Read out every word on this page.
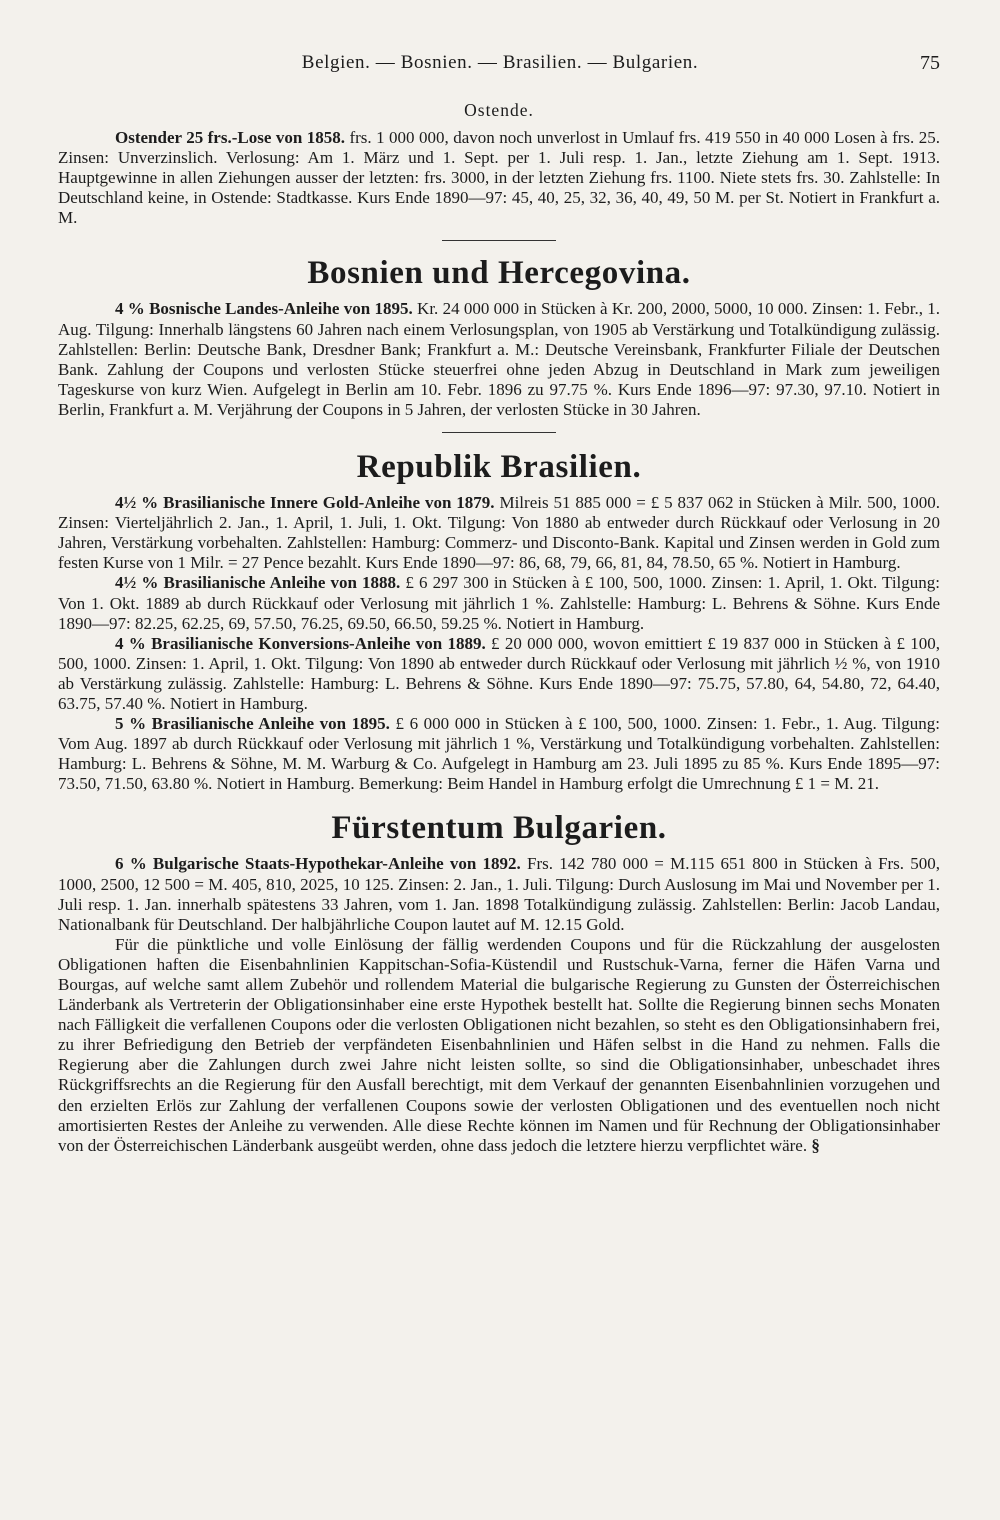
Belgien. — Bosnien. — Brasilien. — Bulgarien.	75
Ostende.

Ostender 25 frs.-Lose von 1858. frs. 1 000 000, davon noch unverlost in Umlauf frs. 419 550 in 40 000 Losen à frs. 25. Zinsen: Unverzinslich. Verlosung: Am 1. März und 1. Sept. per 1. Juli resp. 1. Jan., letzte Ziehung am 1. Sept. 1913. Hauptgewinne in allen Ziehungen ausser der letzten: frs. 3000, in der letzten Ziehung frs. 1100. Niete stets frs. 30. Zahlstelle: In Deutschland keine, in Ostende: Stadtkasse. Kurs Ende 1890—97: 45, 40, 25, 32, 36, 40, 49, 50 M. per St. Notiert in Frankfurt a. M.

Bosnien und Hercegovina.

4 % Bosnische Landes-Anleihe von 1895. Kr. 24 000 000 in Stücken à Kr. 200, 2000, 5000, 10 000. Zinsen: 1. Febr., 1. Aug. Tilgung: Innerhalb längstens 60 Jahren nach einem Verlosungsplan, von 1905 ab Verstärkung und Totalkündigung zulässig. Zahlstellen: Berlin: Deutsche Bank, Dresdner Bank; Frankfurt a. M.: Deutsche Vereinsbank, Frankfurter Filiale der Deutschen Bank. Zahlung der Coupons und verlosten Stücke steuerfrei ohne jeden Abzug in Deutschland in Mark zum jeweiligen Tageskurse von kurz Wien. Aufgelegt in Berlin am 10. Febr. 1896 zu 97.75 %. Kurs Ende 1896—97: 97.30, 97.10. Notiert in Berlin, Frankfurt a. M. Verjährung der Coupons in 5 Jahren, der verlosten Stücke in 30 Jahren.

Republik Brasilien.

4½ % Brasilianische Innere Gold-Anleihe von 1879. Milreis 51 885 000 = £ 5 837 062 in Stücken à Milr. 500, 1000. Zinsen: Vierteljährlich 2. Jan., 1. April, 1. Juli, 1. Okt. Tilgung: Von 1880 ab entweder durch Rückkauf oder Verlosung in 20 Jahren, Verstärkung vorbehalten. Zahlstellen: Hamburg: Commerz- und Disconto-Bank. Kapital und Zinsen werden in Gold zum festen Kurse von 1 Milr. = 27 Pence bezahlt. Kurs Ende 1890—97: 86, 68, 79, 66, 81, 84, 78.50, 65 %. Notiert in Hamburg.

4½ % Brasilianische Anleihe von 1888. £ 6 297 300 in Stücken à £ 100, 500, 1000. Zinsen: 1. April, 1. Okt. Tilgung: Von 1. Okt. 1889 ab durch Rückkauf oder Verlosung mit jährlich 1 %. Zahlstelle: Hamburg: L. Behrens & Söhne. Kurs Ende 1890—97: 82.25, 62.25, 69, 57.50, 76.25, 69.50, 66.50, 59.25 %. Notiert in Hamburg.

4 % Brasilianische Konversions-Anleihe von 1889. £ 20 000 000, wovon emittiert £ 19 837 000 in Stücken à £ 100, 500, 1000. Zinsen: 1. April, 1. Okt. Tilgung: Von 1890 ab entweder durch Rückkauf oder Verlosung mit jährlich ½ %, von 1910 ab Verstärkung zulässig. Zahlstelle: Hamburg: L. Behrens & Söhne. Kurs Ende 1890—97: 75.75, 57.80, 64, 54.80, 72, 64.40, 63.75, 57.40 %. Notiert in Hamburg.

5 % Brasilianische Anleihe von 1895. £ 6 000 000 in Stücken à £ 100, 500, 1000. Zinsen: 1. Febr., 1. Aug. Tilgung: Vom Aug. 1897 ab durch Rückkauf oder Verlosung mit jährlich 1 %, Verstärkung und Totalkündigung vorbehalten. Zahlstellen: Hamburg: L. Behrens & Söhne, M. M. Warburg & Co. Aufgelegt in Hamburg am 23. Juli 1895 zu 85 %. Kurs Ende 1895—97: 73.50, 71.50, 63.80 %. Notiert in Hamburg. Bemerkung: Beim Handel in Hamburg erfolgt die Umrechnung £ 1 = M. 21.

Fürstentum Bulgarien.

6 % Bulgarische Staats-Hypothekar-Anleihe von 1892. Frs. 142 780 000 = M.115 651 800 in Stücken à Frs. 500, 1000, 2500, 12 500 = M. 405, 810, 2025, 10 125. Zinsen: 2. Jan., 1. Juli. Tilgung: Durch Auslosung im Mai und November per 1. Juli resp. 1. Jan. innerhalb spätestens 33 Jahren, vom 1. Jan. 1898 Totalkündigung zulässig. Zahlstellen: Berlin: Jacob Landau, Nationalbank für Deutschland. Der halbjährliche Coupon lautet auf M. 12.15 Gold.

Für die pünktliche und volle Einlösung der fällig werdenden Coupons und für die Rückzahlung der ausgelosten Obligationen haften die Eisenbahnlinien Kappitschan-Sofia-Küstendil und Rustschuk-Varna, ferner die Häfen Varna und Bourgas, auf welche samt allem Zubehör und rollendem Material die bulgarische Regierung zu Gunsten der Österreichischen Länderbank als Vertreterin der Obligationsinhaber eine erste Hypothek bestellt hat. Sollte die Regierung binnen sechs Monaten nach Fälligkeit die verfallenen Coupons oder die verlosten Obligationen nicht bezahlen, so steht es den Obligationsinhabern frei, zu ihrer Befriedigung den Betrieb der verpfändeten Eisenbahnlinien und Häfen selbst in die Hand zu nehmen. Falls die Regierung aber die Zahlungen durch zwei Jahre nicht leisten sollte, so sind die Obligationsinhaber, unbeschadet ihres Rückgriffsrechts an die Regierung für den Ausfall berechtigt, mit dem Verkauf der genannten Eisenbahnlinien vorzugehen und den erzielten Erlös zur Zahlung der verfallenen Coupons sowie der verlosten Obligationen und des eventuellen noch nicht amortisierten Restes der Anleihe zu verwenden. Alle diese Rechte können im Namen und für Rechnung der Obligationsinhaber von der Österreichischen Länderbank ausgeübt werden, ohne dass jedoch die letztere hierzu verpflichtet wäre. §
